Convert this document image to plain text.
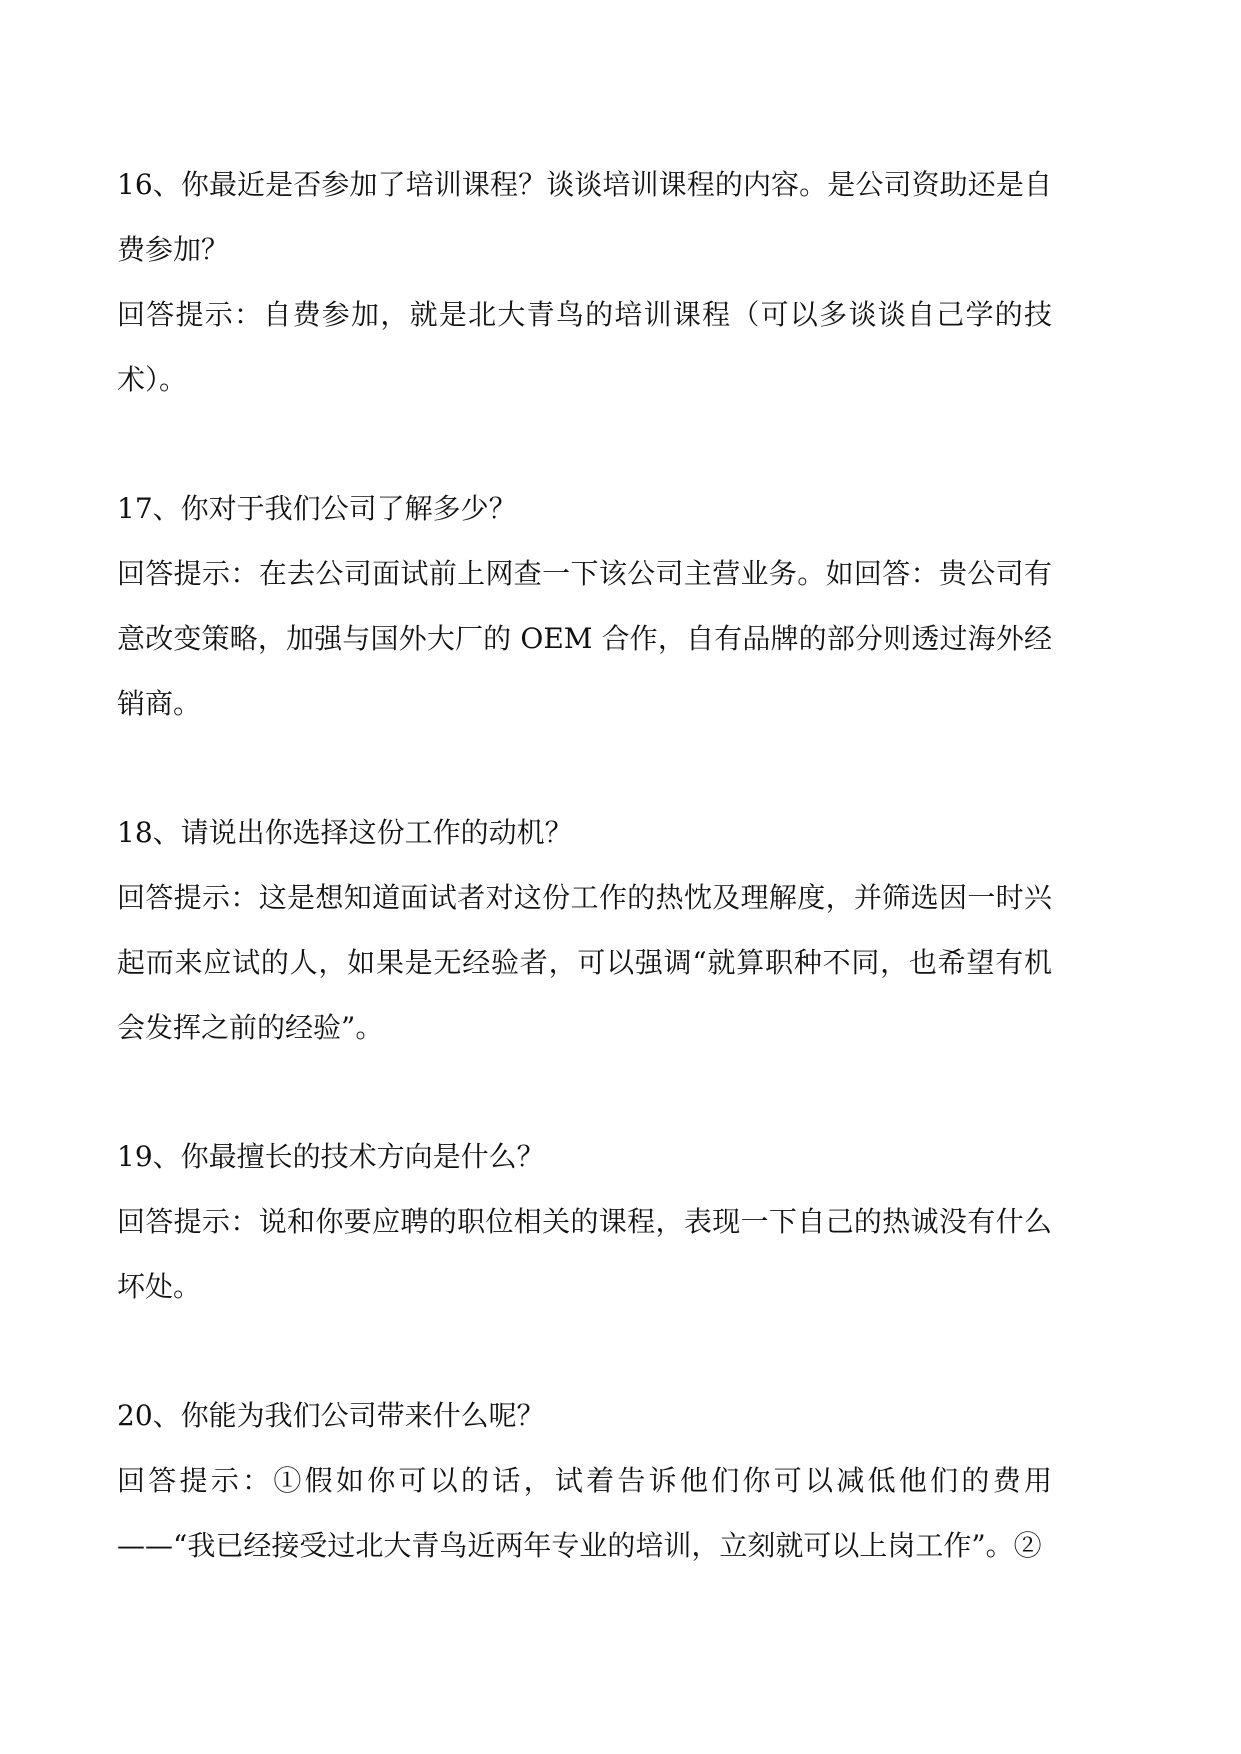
16、你最近是否参加了培训课程？谈谈培训课程的内容。是公司资助还是自费参加？

回答提示：自费参加，就是北大青鸟的培训课程（可以多谈谈自己学的技术）。

17、你对于我们公司了解多少？

回答提示：在去公司面试前上网查一下该公司主营业务。如回答：贵公司有意改变策略，加强与国外大厂的 OEM 合作，自有品牌的部分则透过海外经销商。

18、请说出你选择这份工作的动机？

回答提示：这是想知道面试者对这份工作的热忱及理解度，并筛选因一时兴起而来应试的人，如果是无经验者，可以强调“就算职种不同，也希望有机会发挥之前的经验”。

19、你最擅长的技术方向是什么？

回答提示：说和你要应聘的职位相关的课程，表现一下自己的热诚没有什么坏处。

20、你能为我们公司带来什么呢？

回答提示：①假如你可以的话，试着告诉他们你可以减低他们的费用——“我已经接受过北大青鸟近两年专业的培训，立刻就可以上岗工作”。②
